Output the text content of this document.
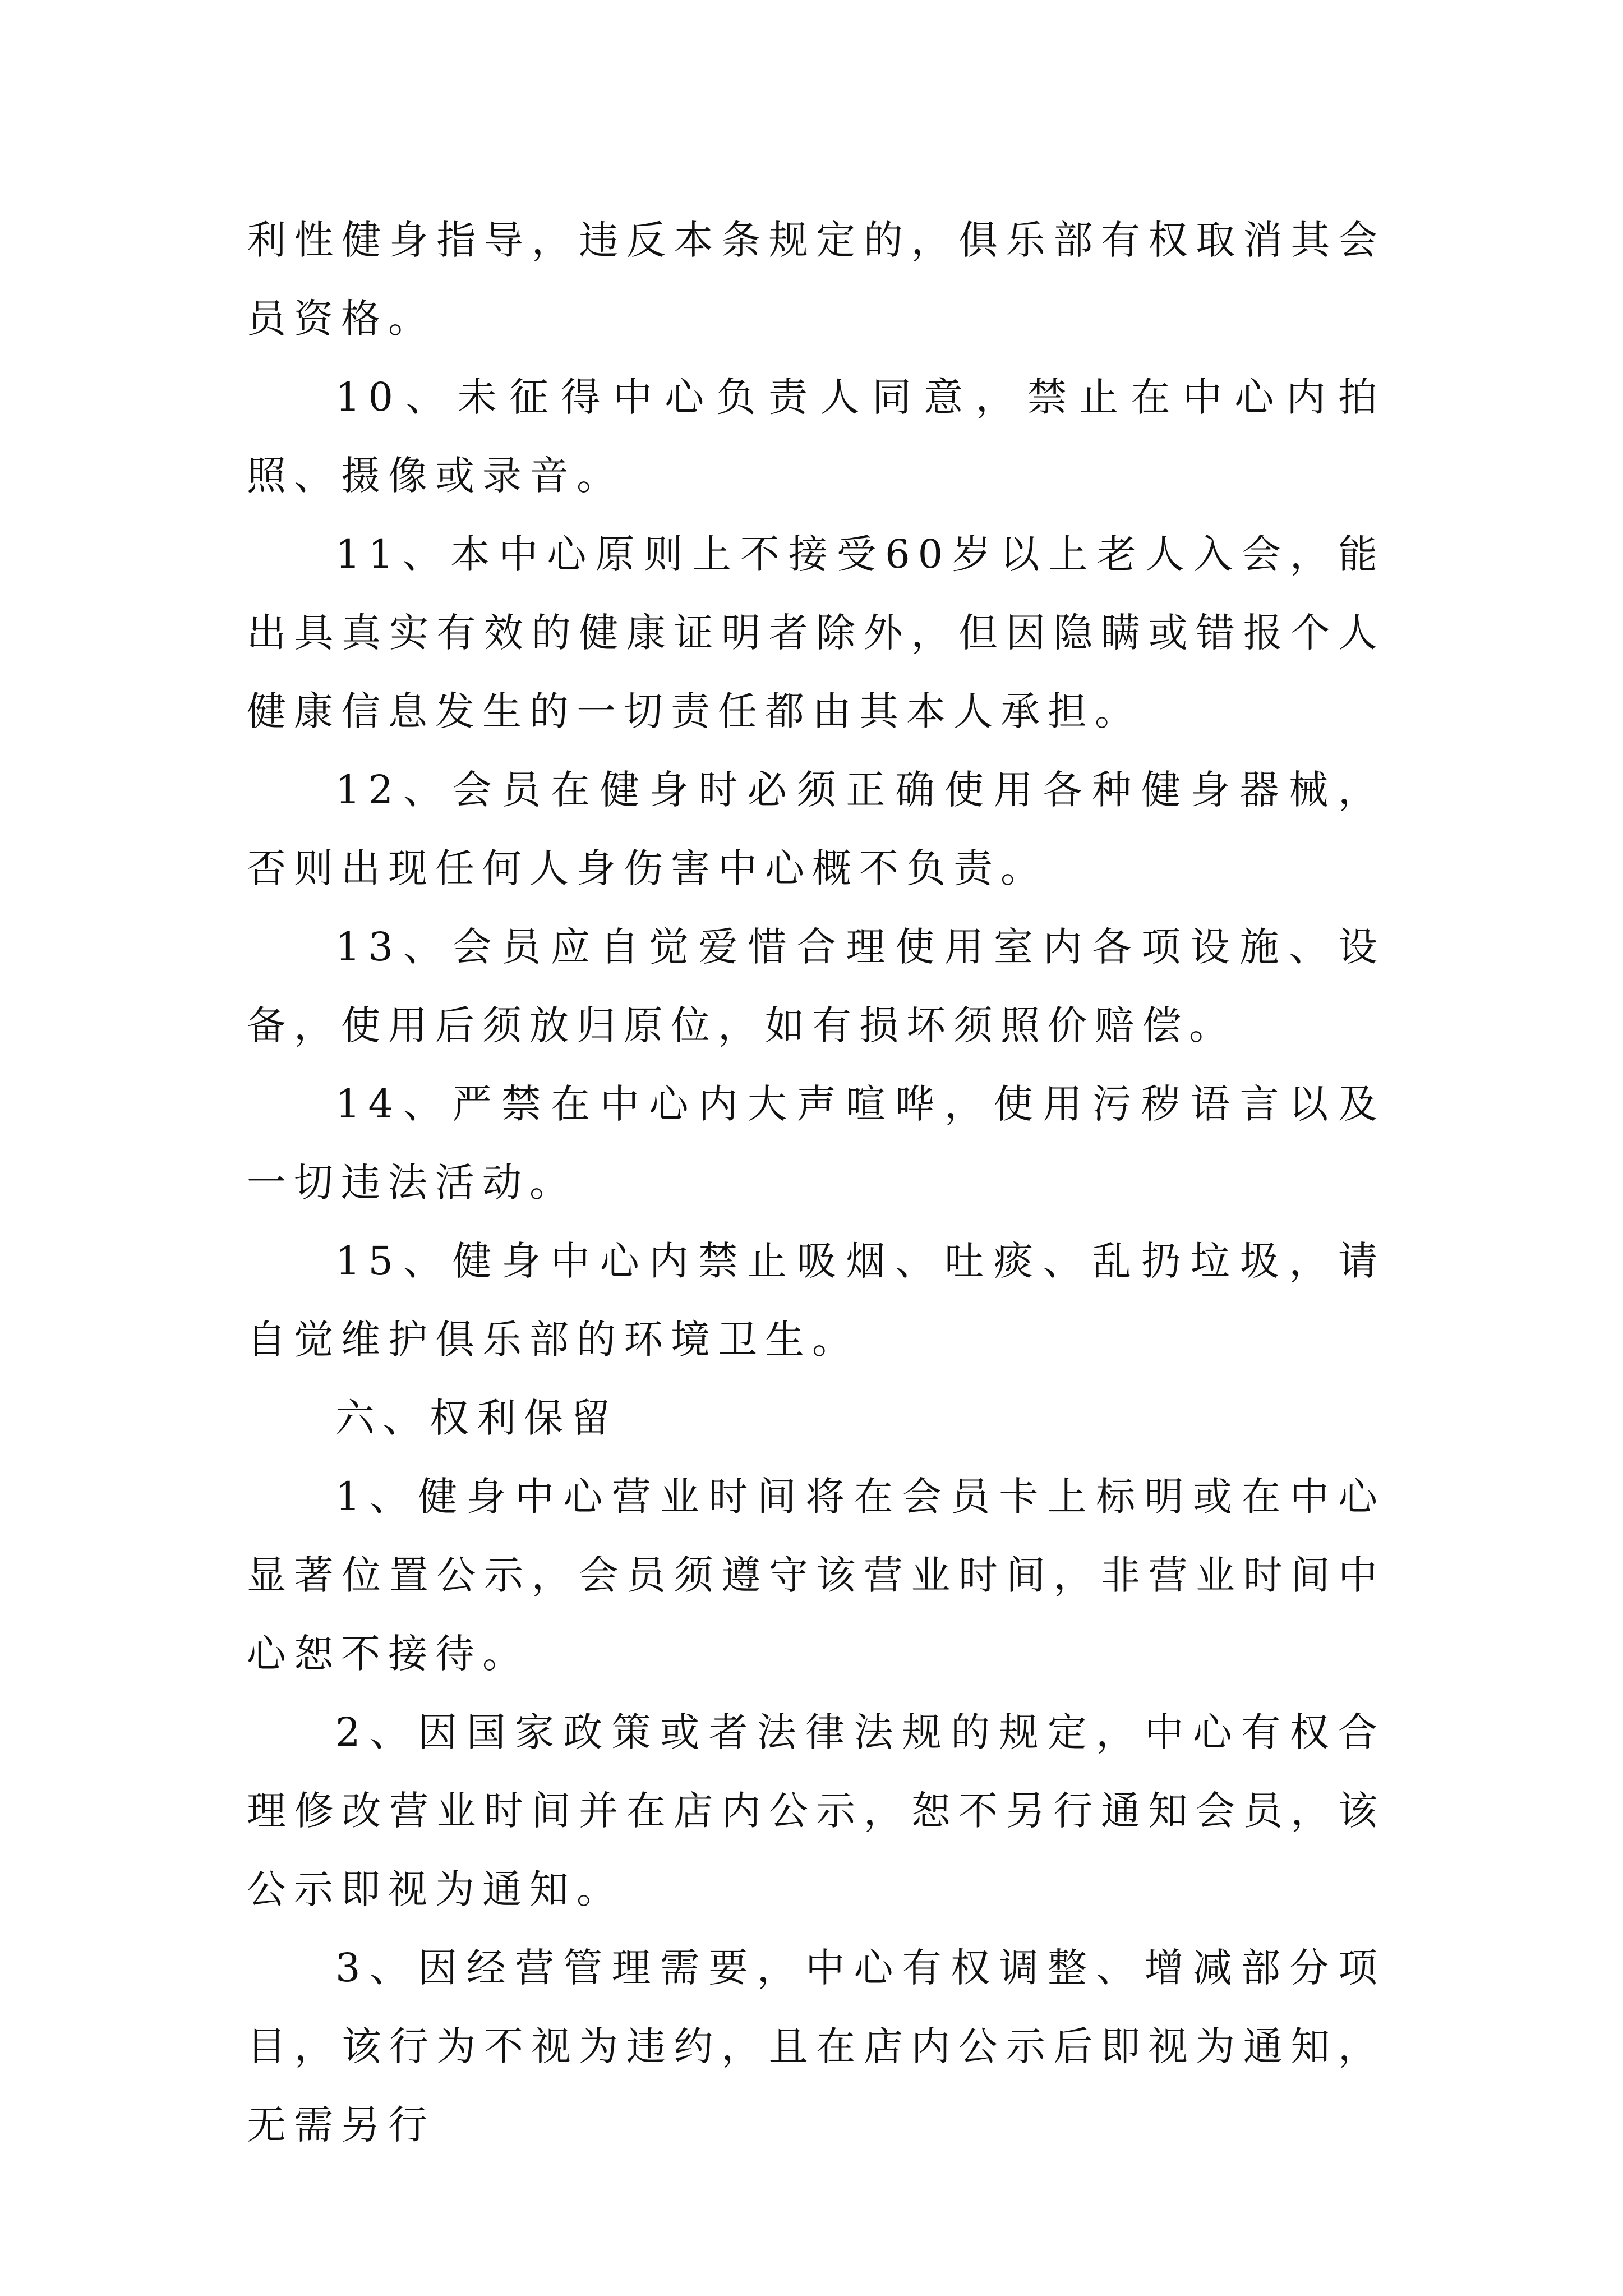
利性健身指导，违反本条规定的，俱乐部有权取消其会员资格。

10、未征得中心负责人同意，禁止在中心内拍照、摄像或录音。

11、本中心原则上不接受60岁以上老人入会，能出具真实有效的健康证明者除外，但因隐瞒或错报个人健康信息发生的一切责任都由其本人承担。

12、会员在健身时必须正确使用各种健身器械，否则出现任何人身伤害中心概不负责。

13、会员应自觉爱惜合理使用室内各项设施、设备，使用后须放归原位，如有损坏须照价赔偿。

14、严禁在中心内大声喧哗，使用污秽语言以及一切违法活动。

15、健身中心内禁止吸烟、吐痰、乱扔垃圾，请自觉维护俱乐部的环境卫生。

六、权利保留

1、健身中心营业时间将在会员卡上标明或在中心显著位置公示，会员须遵守该营业时间，非营业时间中心恕不接待。

2、因国家政策或者法律法规的规定，中心有权合理修改营业时间并在店内公示，恕不另行通知会员，该公示即视为通知。

3、因经营管理需要，中心有权调整、增减部分项目，该行为不视为违约，且在店内公示后即视为通知，无需另行
